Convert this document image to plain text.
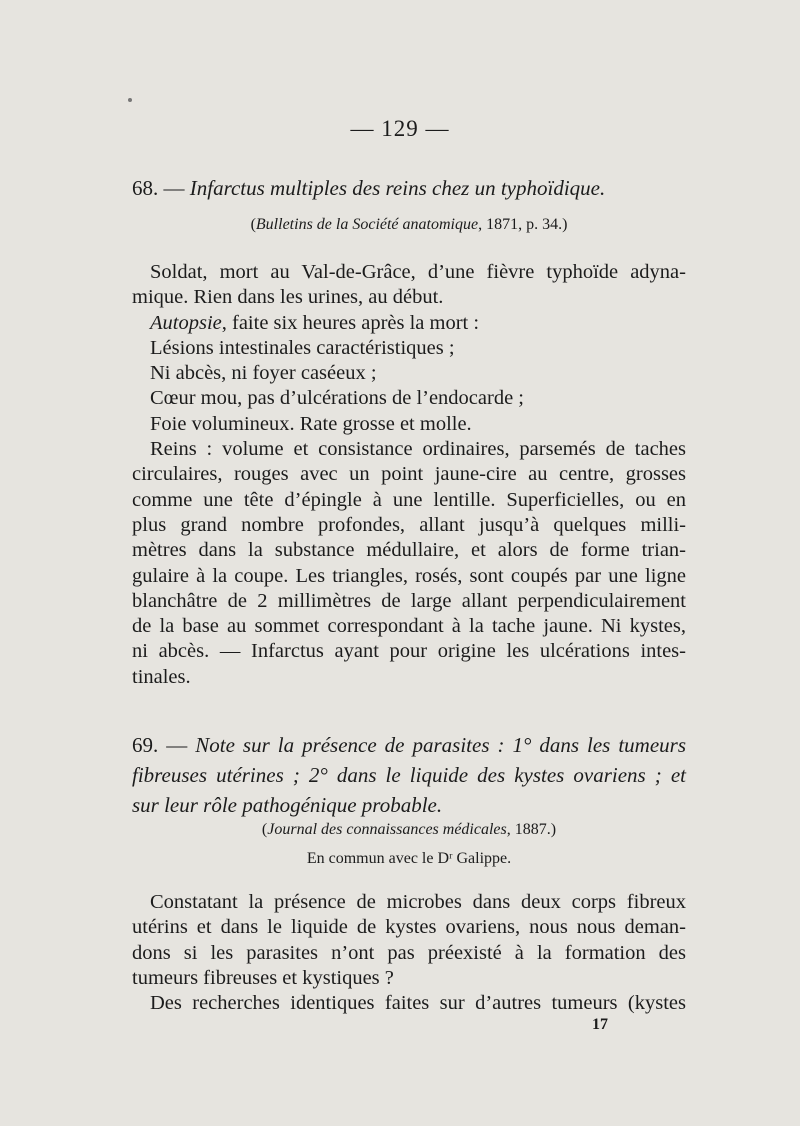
— 129 —
68. — Infarctus multiples des reins chez un typhoïdique.
(Bulletins de la Société anatomique, 1871, p. 34.)
Soldat, mort au Val-de-Grâce, d’une fièvre typhoïde adyna-
mique. Rien dans les urines, au début.
Autopsie, faite six heures après la mort :
Lésions intestinales caractéristiques ;
Ni abcès, ni foyer caséeux ;
Cœur mou, pas d’ulcérations de l’endocarde ;
Foie volumineux. Rate grosse et molle.
Reins : volume et consistance ordinaires, parsemés de taches
circulaires, rouges avec un point jaune-cire au centre, grosses
comme une tête d’épingle à une lentille. Superficielles, ou en
plus grand nombre profondes, allant jusqu’à quelques milli-
mètres dans la substance médullaire, et alors de forme trian-
gulaire à la coupe. Les triangles, rosés, sont coupés par une ligne
blanchâtre de 2 millimètres de large allant perpendiculairement
de la base au sommet correspondant à la tache jaune. Ni kystes,
ni abcès. — Infarctus ayant pour origine les ulcérations intes-
tinales.
69. — Note sur la présence de parasites : 1° dans les tumeurs
fibreuses utérines ; 2° dans le liquide des kystes ovariens ; et
sur leur rôle pathogénique probable.
(Journal des connaissances médicales, 1887.)
En commun avec le Dʳ Galippe.
Constatant la présence de microbes dans deux corps fibreux
utérins et dans le liquide de kystes ovariens, nous nous deman-
dons si les parasites n’ont pas préexisté à la formation des
tumeurs fibreuses et kystiques ?
Des recherches identiques faites sur d’autres tumeurs (kystes
17
